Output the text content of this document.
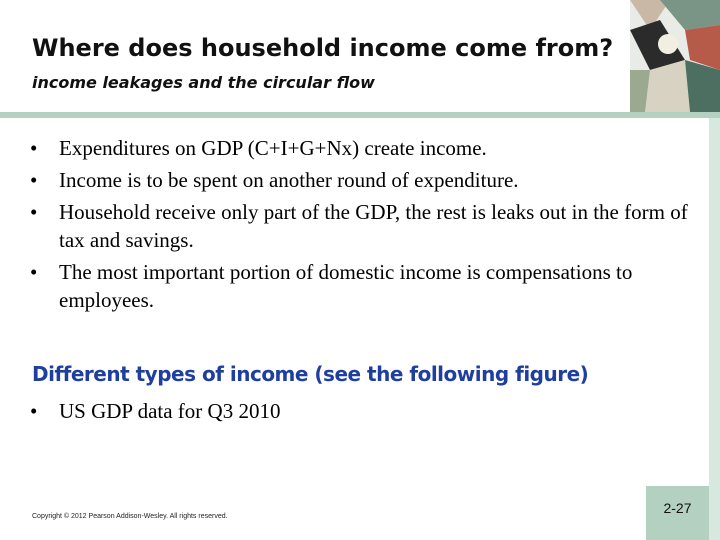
Where does household income come from? income leakages and the circular flow
• Expenditures on GDP (C+I+G+Nx) create income.
• Income is to be spent on another round of expenditure.
• Household receive only part of the GDP, the rest is leaks out in the form of tax and savings.
• The most important portion of domestic income is compensations to employees.
Different types of income (see the following figure)
• US GDP data for Q3 2010
Copyright © 2012 Pearson Addison-Wesley. All rights reserved.
2-27
